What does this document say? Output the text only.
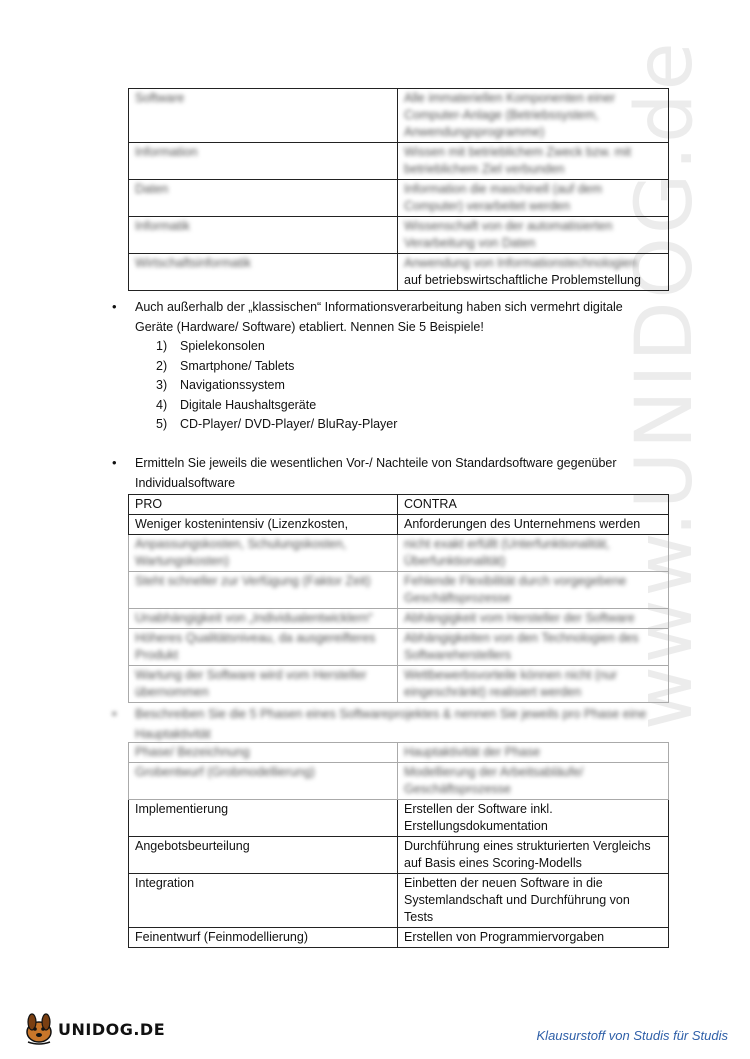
www.UNIDOG.de
Software	Alle immateriellen Komponenten einer Computer-Anlage (Betriebssystem, Anwendungsprogramme)
Information	Wissen mit betrieblichem Zweck bzw. mit betrieblichem Ziel verbunden
Daten	Information die maschinell (auf dem Computer) verarbeitet werden
Informatik	Wissenschaft von der automatisierten Verarbeitung von Daten
Wirtschaftsinformatik	Anwendung von Informationstechnologien
auf betriebswirtschaftliche Problemstellung
• Auch außerhalb der „klassischen“ Informationsverarbeitung haben sich vermehrt digitale
Geräte (Hardware/ Software) etabliert. Nennen Sie 5 Beispiele!
1) Spielekonsolen
2) Smartphone/ Tablets
3) Navigationssystem
4) Digitale Haushaltsgeräte
5) CD-Player/ DVD-Player/ BluRay-Player
• Ermitteln Sie jeweils die wesentlichen Vor-/ Nachteile von Standardsoftware gegenüber
Individualsoftware
PRO	CONTRA
Weniger kostenintensiv (Lizenzkosten,	Anforderungen des Unternehmens werden
Anpassungskosten, Schulungskosten, Wartungskosten)	nicht exakt erfüllt (Unterfunktionalität, Überfunktionalität)
Steht schneller zur Verfügung (Faktor Zeit)	Fehlende Flexibilität durch vorgegebene Geschäftsprozesse
Unabhängigkeit von „Individualentwicklern“	Abhängigkeit vom Hersteller der Software
Höheres Qualitätsniveau, da ausgereifteres Produkt	Abhängigkeiten von den Technologien des Softwareherstellers
Wartung der Software wird vom Hersteller übernommen	Wettbewerbsvorteile können nicht (nur eingeschränkt) realisiert werden
• Beschreiben Sie die 5 Phasen eines Softwareprojektes & nennen Sie jeweils pro Phase eine Hauptaktivität
Phase/ Bezeichnung	Hauptaktivität der Phase
Grobentwurf (Grobmodellierung)	Modellierung der Arbeitsabläufe/ Geschäftsprozesse
Implementierung	Erstellen der Software inkl. Erstellungsdokumentation
Angebotsbeurteilung	Durchführung eines strukturierten Vergleichs auf Basis eines Scoring-Modells
Integration	Einbetten der neuen Software in die Systemlandschaft und Durchführung von Tests
Feinentwurf (Feinmodellierung)	Erstellen von Programmiervorgaben
UNIDOG.DE	Klausurstoff von Studis für Studis
